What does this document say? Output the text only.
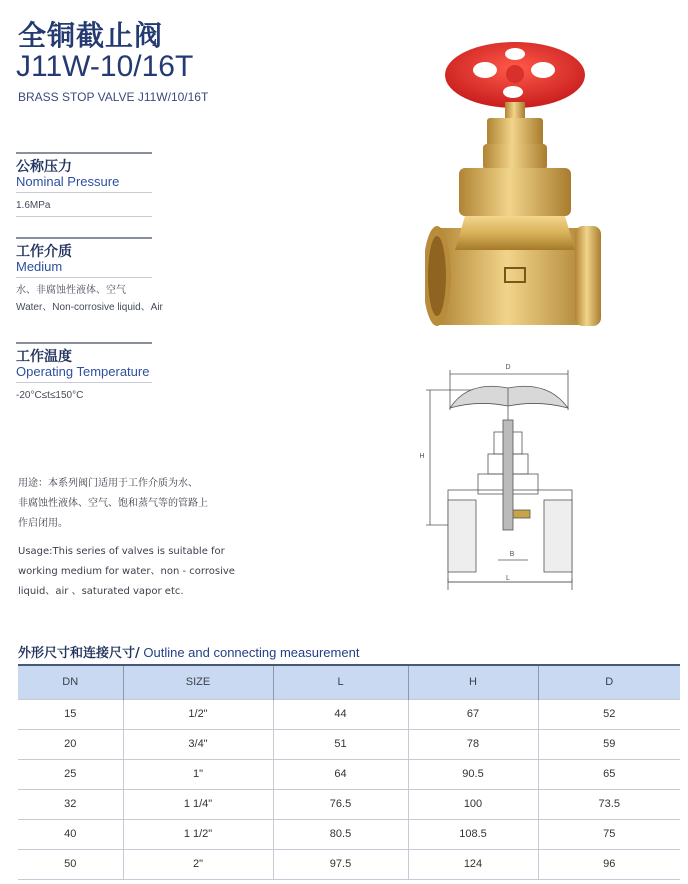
全铜截止阀
J11W-10/16T
BRASS STOP VALVE J11W/10/16T
公称压力
Nominal Pressure
1.6MPa
工作介质
Medium
水、非腐蚀性液体、空气
Water、Non-corrosive liquid、Air
工作温度
Operating Temperature
-20°C≤t≤150°C
用途：本系列阀门适用于工作介质为水、
非腐蚀性液体、空气、饱和蒸气等的管路上
作启闭用。
Usage:This series of valves is suitable for
working medium for water、non - corrosive
liquid、air 、saturated vapor etc.
D
H
B
L
外形尺寸和连接尺寸/ Outline and connecting measurement
DN	SIZE	L	H	D
15	1/2"	44	67	52
20	3/4"	51	78	59
25	1"	64	90.5	65
32	1 1/4"	76.5	100	73.5
40	1 1/2"	80.5	108.5	75
50	2"	97.5	124	96
